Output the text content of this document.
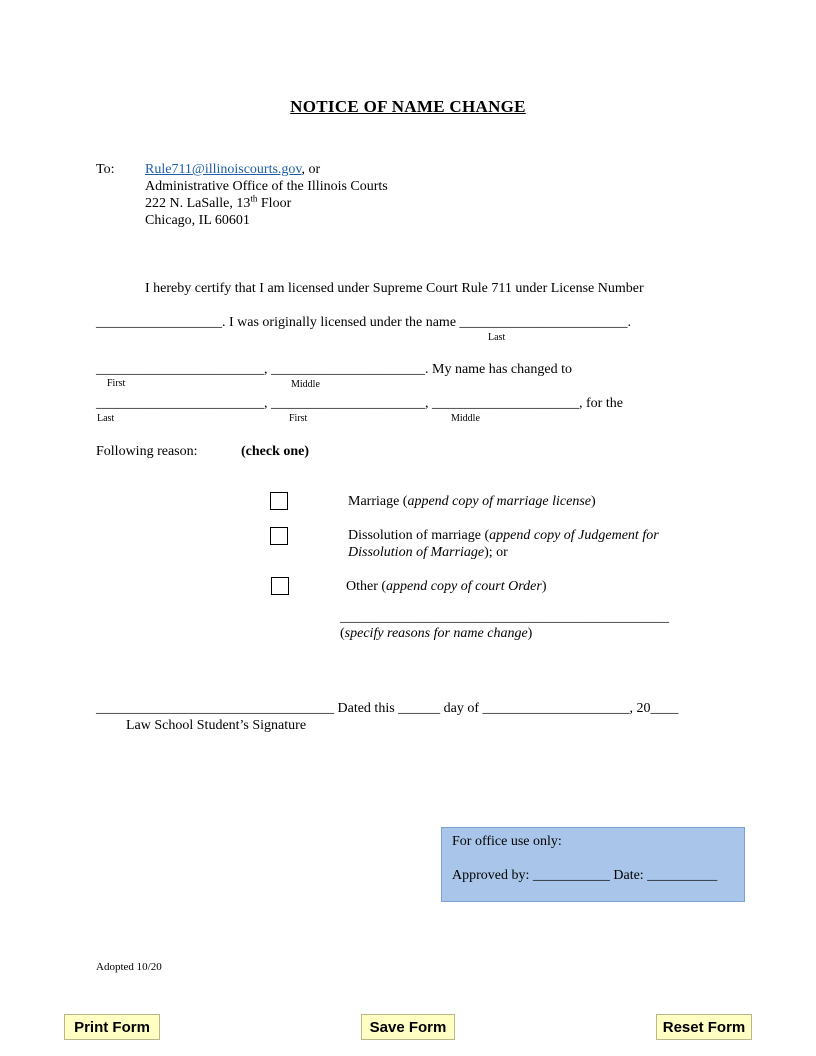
NOTICE OF NAME CHANGE
To: Rule711@illinoiscourts.gov, or
Administrative Office of the Illinois Courts
222 N. LaSalle, 13th Floor
Chicago, IL 60601
I hereby certify that I am licensed under Supreme Court Rule 711 under License Number
__________________. I was originally licensed under the name ________________________.
Last
________________________, ______________________. My name has changed to
First	Middle
________________________, ______________________, _____________________, for the
Last	First	Middle
Following reason:	(check one)
Marriage (append copy of marriage license)
Dissolution of marriage (append copy of Judgement for
Dissolution of Marriage); or
Other (append copy of court Order)
_______________________________________________
(specify reasons for name change)
__________________________________ Dated this ______ day of _____________________, 20____
Law School Student’s Signature
For office use only:
Approved by: ___________ Date: __________
Adopted 10/20
Print Form	Save Form	Reset Form
